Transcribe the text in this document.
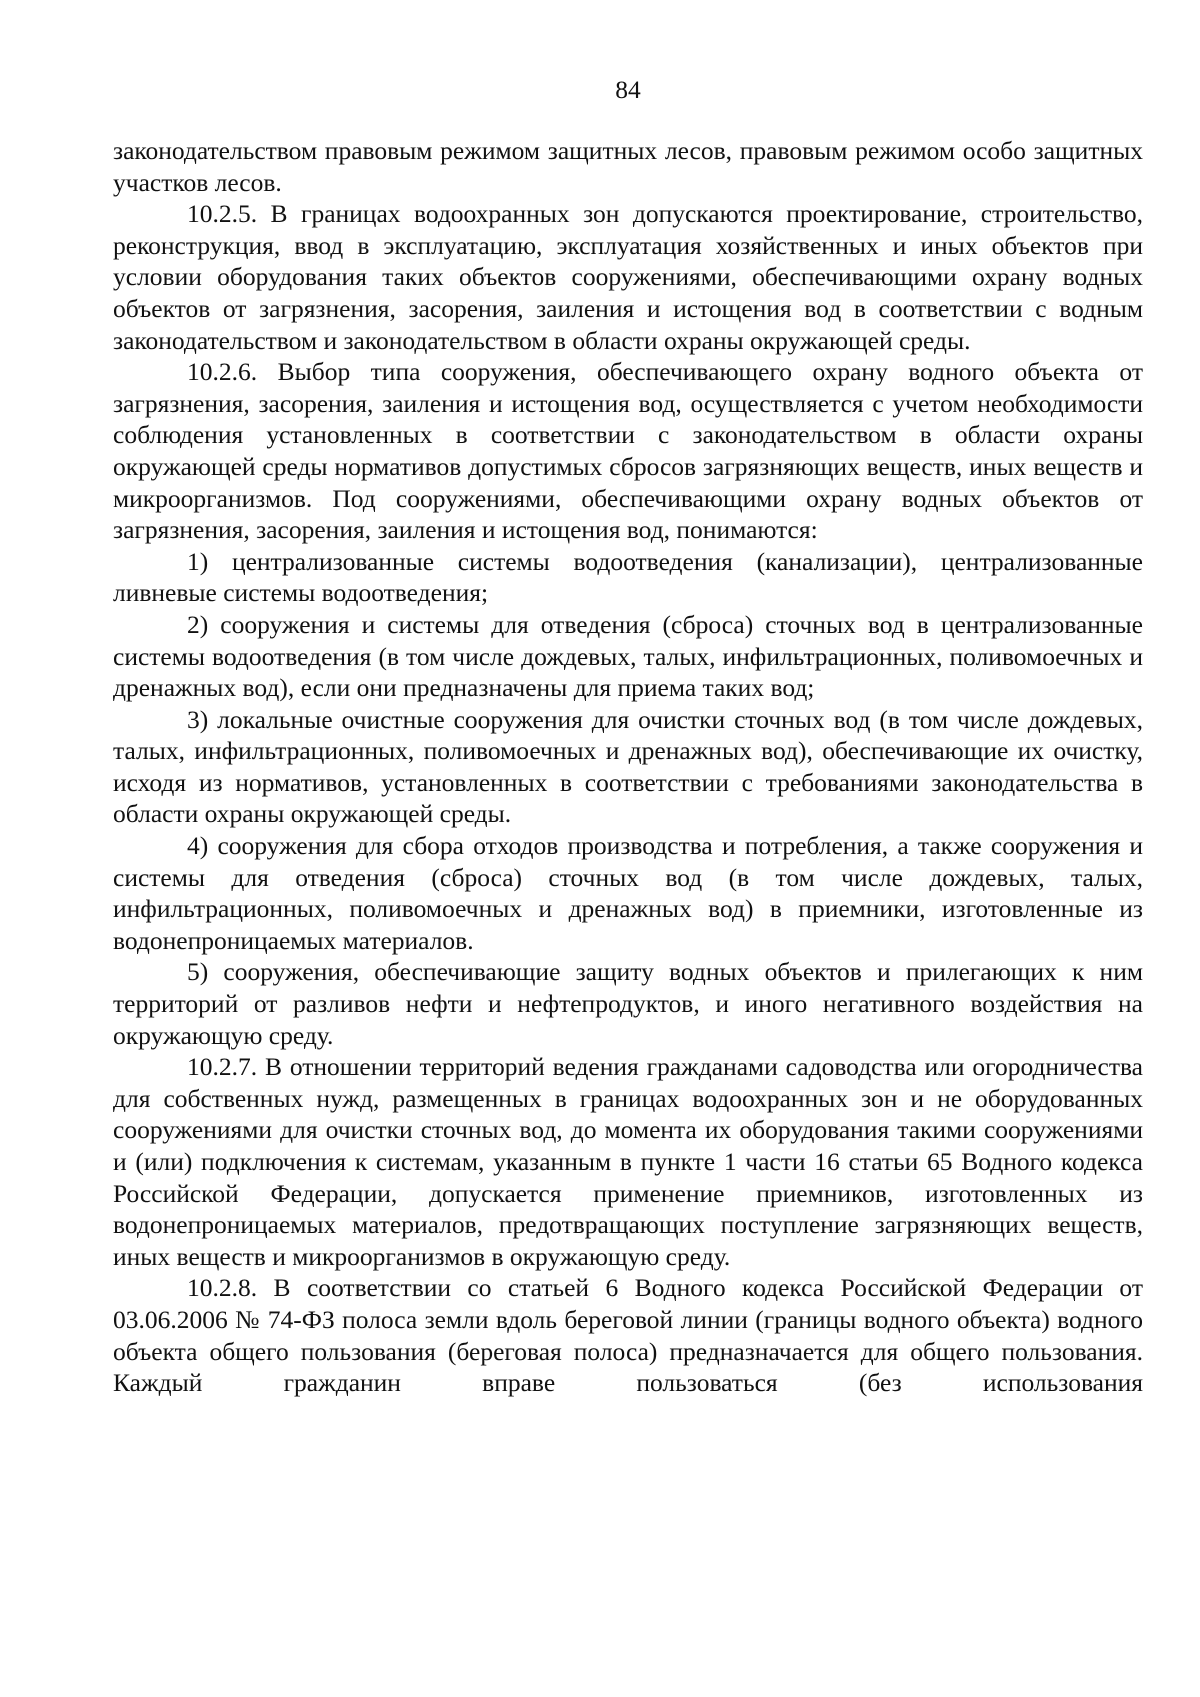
84

законодательством правовым режимом защитных лесов, правовым режимом особо защитных участков лесов.

10.2.5. В границах водоохранных зон допускаются проектирование, строительство, реконструкция, ввод в эксплуатацию, эксплуатация хозяйственных и иных объектов при условии оборудования таких объектов сооружениями, обеспечивающими охрану водных объектов от загрязнения, засорения, заиления и истощения вод в соответствии с водным законодательством и законодательством в области охраны окружающей среды.

10.2.6. Выбор типа сооружения, обеспечивающего охрану водного объекта от загрязнения, засорения, заиления и истощения вод, осуществляется с учетом необходимости соблюдения установленных в соответствии с законодательством в области охраны окружающей среды нормативов допустимых сбросов загрязняющих веществ, иных веществ и микроорганизмов. Под сооружениями, обеспечивающими охрану водных объектов от загрязнения, засорения, заиления и истощения вод, понимаются:

1) централизованные системы водоотведения (канализации), централизованные ливневые системы водоотведения;

2) сооружения и системы для отведения (сброса) сточных вод в централизованные системы водоотведения (в том числе дождевых, талых, инфильтрационных, поливомоечных и дренажных вод), если они предназначены для приема таких вод;

3) локальные очистные сооружения для очистки сточных вод (в том числе дождевых, талых, инфильтрационных, поливомоечных и дренажных вод), обеспечивающие их очистку, исходя из нормативов, установленных в соответствии с требованиями законодательства в области охраны окружающей среды.

4) сооружения для сбора отходов производства и потребления, а также сооружения и системы для отведения (сброса) сточных вод (в том числе дождевых, талых, инфильтрационных, поливомоечных и дренажных вод) в приемники, изготовленные из водонепроницаемых материалов.

5) сооружения, обеспечивающие защиту водных объектов и прилегающих к ним территорий от разливов нефти и нефтепродуктов, и иного негативного воздействия на окружающую среду.

10.2.7. В отношении территорий ведения гражданами садоводства или огородничества для собственных нужд, размещенных в границах водоохранных зон и не оборудованных сооружениями для очистки сточных вод, до момента их оборудования такими сооружениями и (или) подключения к системам, указанным в пункте 1 части 16 статьи 65 Водного кодекса Российской Федерации, допускается применение приемников, изготовленных из водонепроницаемых материалов, предотвращающих поступление загрязняющих веществ, иных веществ и микроорганизмов в окружающую среду.

10.2.8. В соответствии со статьей 6 Водного кодекса Российской Федерации от 03.06.2006 № 74-ФЗ полоса земли вдоль береговой линии (границы водного объекта) водного объекта общего пользования (береговая полоса) предназначается для общего пользования. Каждый гражданин вправе пользоваться (без использования
